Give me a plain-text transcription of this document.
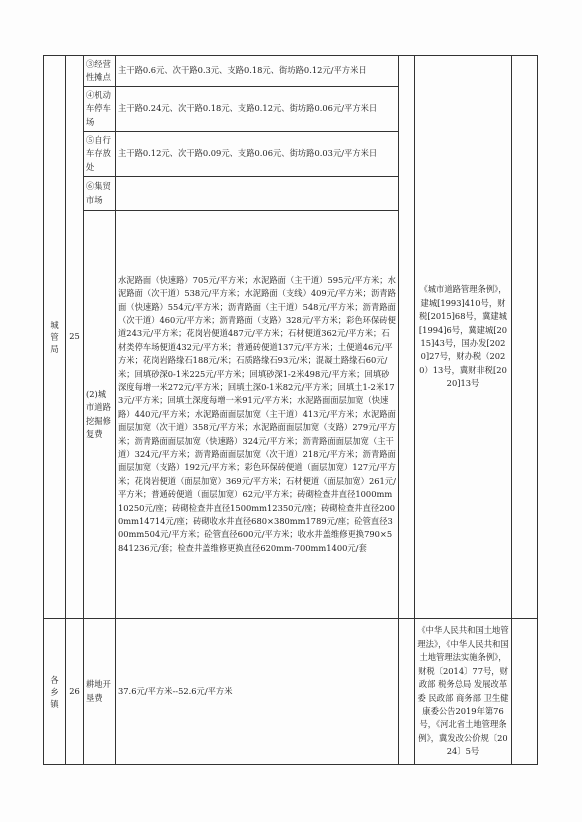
城管局	25	③经营性摊点	主干路0.6元、次干路0.3元、支路0.18元、街坊路0.12元/平方米日		《城市道路管理条例》，建城[1993]410号，财税[2015]68号，冀建城[1994]6号，冀建城[2015]43号，国办发[2020]27号，财办税（2020）13号，冀财非税[2020]13号	
		④机动车停车场	主干路0.24元、次干路0.18元、支路0.12元、街坊路0.06元/平方米日			
		⑤自行车存放处	主干路0.12元、次干路0.09元、支路0.06元、街坊路0.03元/平方米日			
		⑥集贸市场				
		(2)城市道路挖掘修复费	水泥路面（快速路）705元/平方米；水泥路面（主干道）595元/平方米；水泥路面（次干道）538元/平方米；水泥路面（支线）409元/平方米；沥青路面（快速路）554元/平方米；沥青路面（主干道）548元/平方米；沥青路面（次干道）460元/平方米；沥青路面（支路）328元/平方米；彩色环保砖便道243元/平方米；花岗岩便道487元/平方米；石材便道362元/平方米；石材类停车场便道432元/平方米；普通砖便道137元/平方米；土便道46元/平方米；花岗岩路缘石188元/米；石质路缘石93元/米；混凝土路缘石60元/米；回填砂深0-1米225元/平方米；回填砂深1-2米498元/平方米；回填砂深度每增一米272元/平方米；回填土深0-1米82元/平方米；回填土1-2米173元/平方米；回填土深度每增一米91元/平方米；水泥路面面层加宽（快速路）440元/平方米；水泥路面面层加宽（主干道）413元/平方米；水泥路面面层加宽（次干道）358元/平方米；水泥路面面层加宽（支路）279元/平方米；沥青路面面层加宽（快速路）324元/平方米；沥青路面面层加宽（主干道）324元/平方米；沥青路面面层加宽（次干道）218元/平方米；沥青路面面层加宽（支路）192元/平方米；彩色环保砖便道（面层加宽）127元/平方米；花岗岩便道（面层加宽）369元/平方米；石材便道（面层加宽）261元/平方米；普通砖便道（面层加宽）62元/平方米；砖砌检查井直径1000mm10250元/座；砖砌检查井直径1500mm12350元/座；砖砌检查井直径2000mm14714元/座；砖砌收水井直径680×380mm1789元/座；砼管直径300mm504元/平方米；砼管直径600元/平方米；收水井盖维修更换790×5841236元/套；检查井盖维修更换直径620mm-700mm1400元/套			

各乡镇	26	耕地开垦费	37.6元/平方米--52.6元/平方米		《中华人民共和国土地管理法》，《中华人民共和国土地管理法实施条例》，财税〔2014〕77号，财政部 税务总局 发展改革委 民政部 商务部 卫生健康委公告2019年第76号，《河北省土地管理条例》，冀发改公价规〔2024〕5号	
